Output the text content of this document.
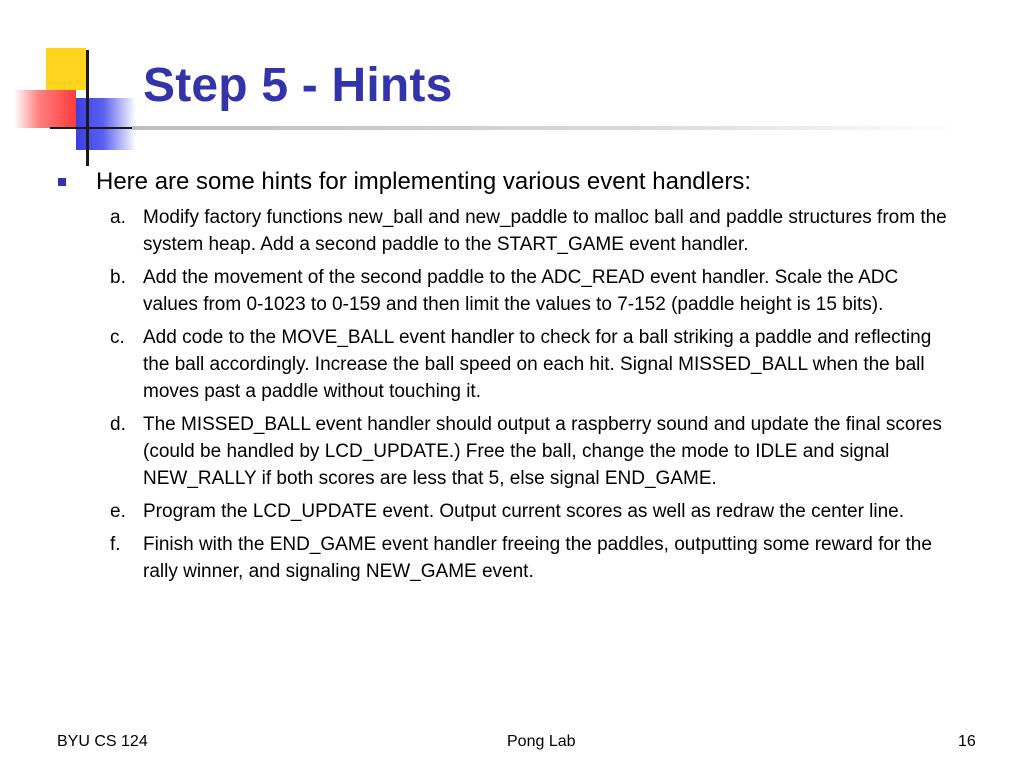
Step 5 - Hints
Here are some hints for implementing various event handlers:
a. Modify factory functions new_ball and new_paddle to malloc ball and paddle structures from the system heap. Add a second paddle to the START_GAME event handler.
b. Add the movement of the second paddle to the ADC_READ event handler. Scale the ADC values from 0-1023 to 0-159 and then limit the values to 7-152 (paddle height is 15 bits).
c. Add code to the MOVE_BALL event handler to check for a ball striking a paddle and reflecting the ball accordingly. Increase the ball speed on each hit. Signal MISSED_BALL when the ball moves past a paddle without touching it.
d. The MISSED_BALL event handler should output a raspberry sound and update the final scores (could be handled by LCD_UPDATE.) Free the ball, change the mode to IDLE and signal NEW_RALLY if both scores are less that 5, else signal END_GAME.
e. Program the LCD_UPDATE event. Output current scores as well as redraw the center line.
f.	Finish with the END_GAME event handler freeing the paddles, outputting some reward for the rally winner, and signaling NEW_GAME event.
BYU CS 124	Pong Lab	16
